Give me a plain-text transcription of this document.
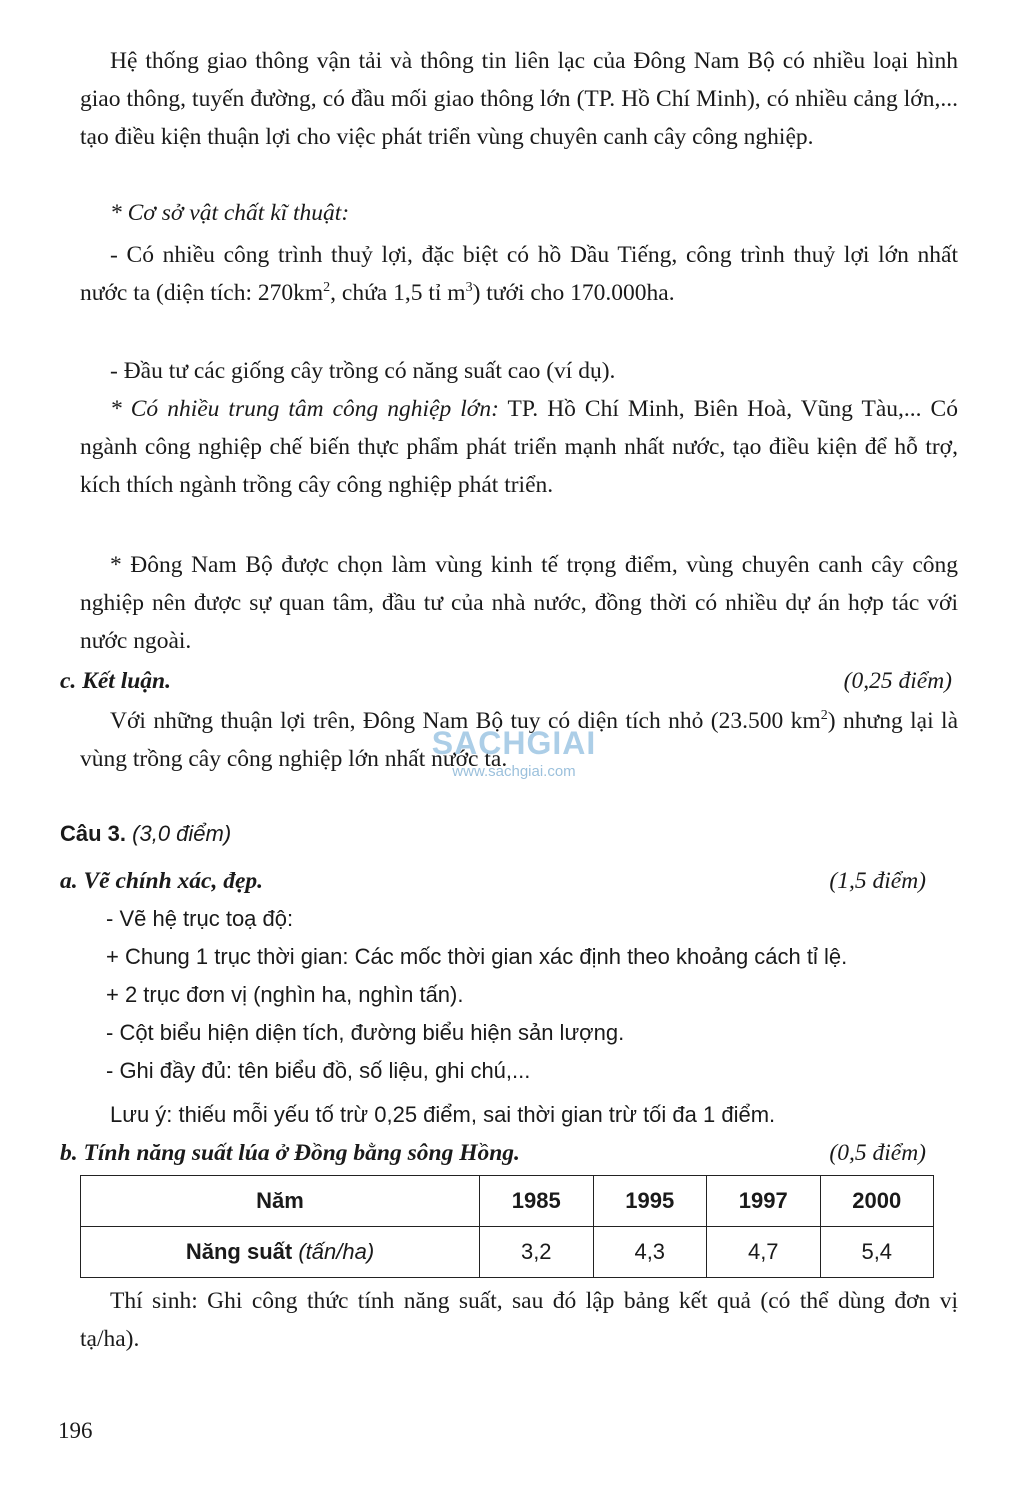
Hệ thống giao thông vận tải và thông tin liên lạc của Đông Nam Bộ có nhiều loại hình giao thông, tuyến đường, có đầu mối giao thông lớn (TP. Hồ Chí Minh), có nhiều cảng lớn,... tạo điều kiện thuận lợi cho việc phát triển vùng chuyên canh cây công nghiệp.

* Cơ sở vật chất kĩ thuật:

- Có nhiều công trình thuỷ lợi, đặc biệt có hồ Dầu Tiếng, công trình thuỷ lợi lớn nhất nước ta (diện tích: $270km^2$, chứa 1,5 tỉ $m^3$) tưới cho 170.000ha.

- Đầu tư các giống cây trồng có năng suất cao (ví dụ).

* Có nhiều trung tâm công nghiệp lớn: TP. Hồ Chí Minh, Biên Hoà, Vũng Tàu,... Có ngành công nghiệp chế biến thực phẩm phát triển mạnh nhất nước, tạo điều kiện để hỗ trợ, kích thích ngành trồng cây công nghiệp phát triển.

* Đông Nam Bộ được chọn làm vùng kinh tế trọng điểm, vùng chuyên canh cây công nghiệp nên được sự quan tâm, đầu tư của nhà nước, đồng thời có nhiều dự án hợp tác với nước ngoài.

c. Kết luận.	(0,25 điểm)

Với những thuận lợi trên, Đông Nam Bộ tuy có diện tích nhỏ (23.500 $km^2$) nhưng lại là vùng trồng cây công nghiệp lớn nhất nước ta.

SACHGIAI
www.sachgiai.com
Câu 3. (3,0 điểm)
a. Vẽ chính xác, đẹp.	(1,5 điểm)
- Vẽ hệ trục toạ độ:
+ Chung 1 trục thời gian: Các mốc thời gian xác định theo khoảng cách tỉ lệ.
+ 2 trục đơn vị (nghìn ha, nghìn tấn).
- Cột biểu hiện diện tích, đường biểu hiện sản lượng.
- Ghi đầy đủ: tên biểu đồ, số liệu, ghi chú,...

Lưu ý: thiếu mỗi yếu tố trừ 0,25 điểm, sai thời gian trừ tối đa 1 điểm.

b. Tính năng suất lúa ở Đồng bằng sông Hồng.	(0,5 điểm)
Năm	1985	1995	1997	2000
Năng suất (tấn/ha)	3,2	4,3	4,7	5,4

Thí sinh: Ghi công thức tính năng suất, sau đó lập bảng kết quả (có thể dùng đơn vị tạ/ha).

196
